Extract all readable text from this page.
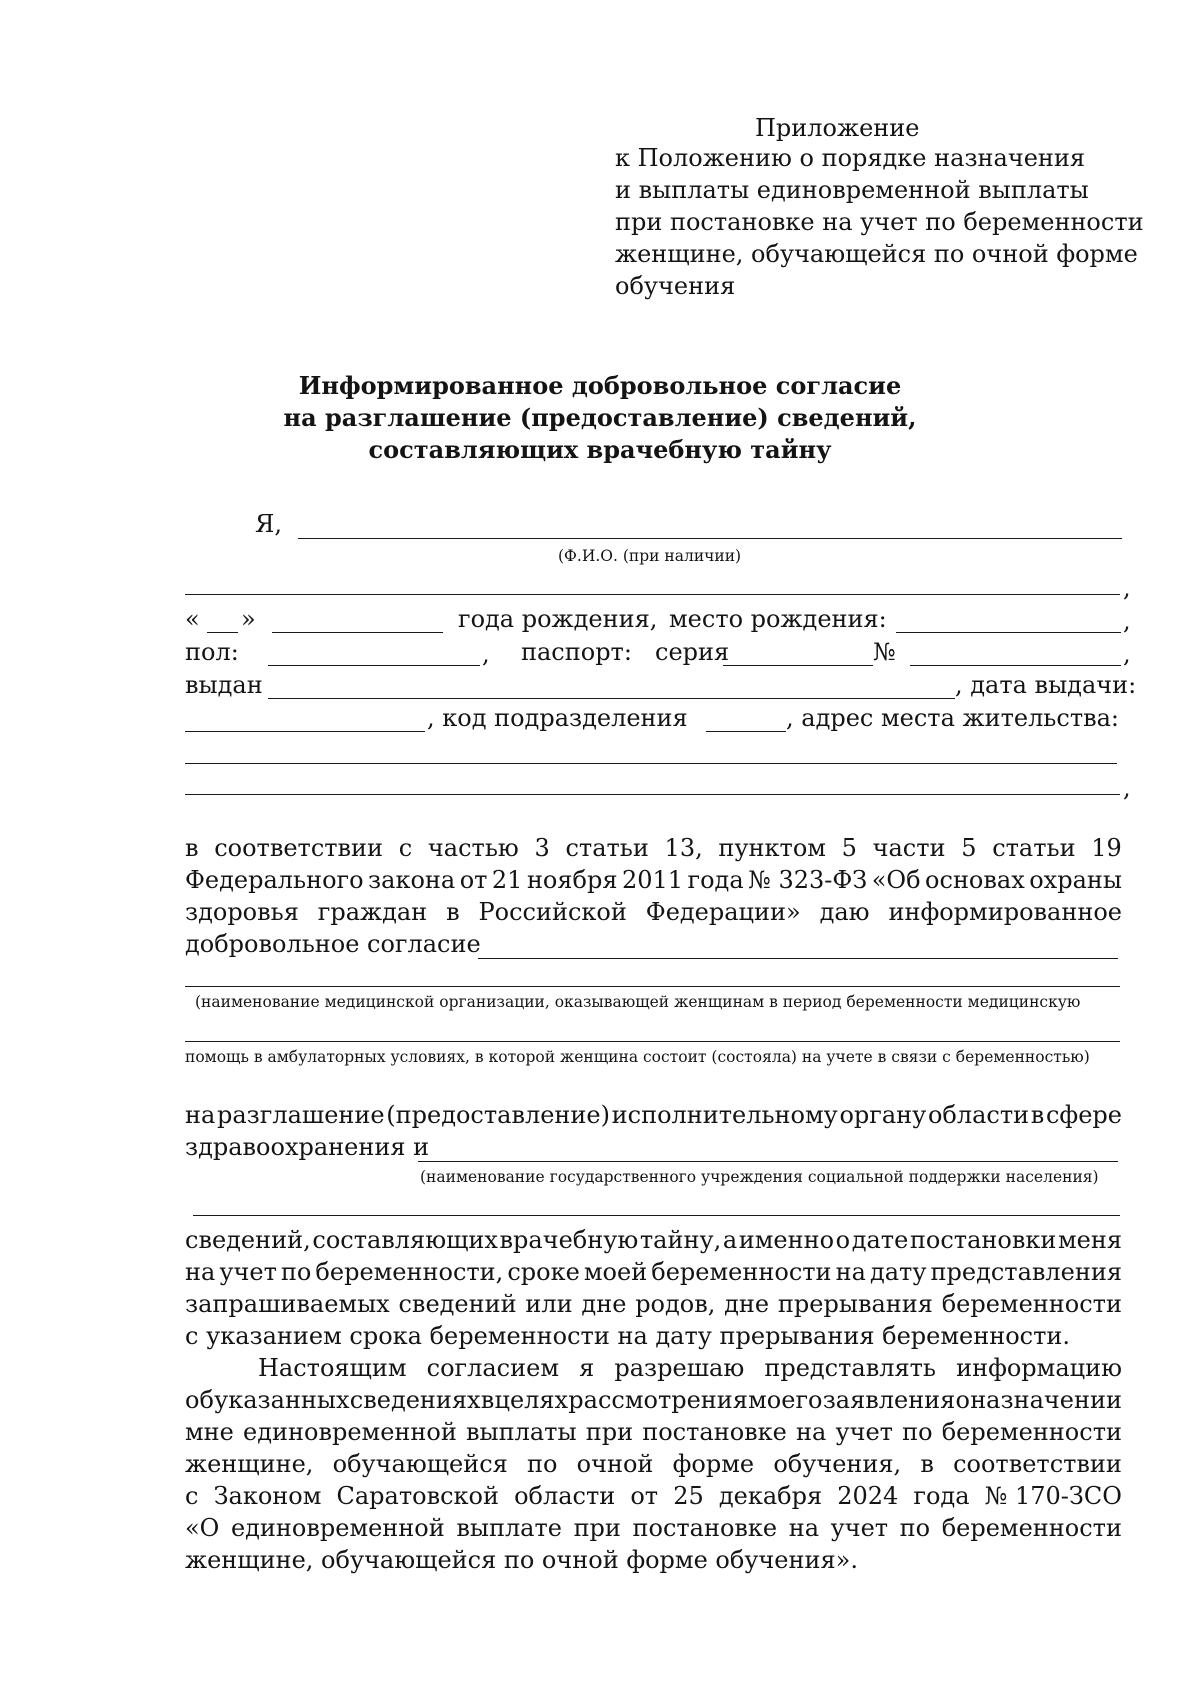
Приложение
к Положению о порядке назначения
и выплаты единовременной выплаты
при постановке на учет по беременности
женщине, обучающейся по очной форме
обучения
Информированное добровольное согласие
на разглашение (предоставление) сведений,
составляющих врачебную тайну
Я,
(Ф.И.О. (при наличии)
,
« »	года рождения, место рождения:	,
пол:	, паспорт: серия	№	,
выдан	, дата выдачи:
, код подразделения	, адрес места жительства:
,
в соответствии с частью 3 статьи 13, пунктом 5 части 5 статьи 19
Федерального закона от 21 ноября 2011 года № 323-ФЗ «Об основах охраны
здоровья граждан в Российской Федерации» даю информированное
добровольное согласие
(наименование медицинской организации, оказывающей женщинам в период беременности медицинскую
помощь в амбулаторных условиях, в которой женщина состоит (состояла) на учете в связи с беременностью)
на разглашение (предоставление) исполнительному органу области в сфере
здравоохранения и
(наименование государственного учреждения социальной поддержки населения)
сведений, составляющих врачебную тайну, а именно о дате постановки меня
на учет по беременности, сроке моей беременности на дату представления
запрашиваемых сведений или дне родов, дне прерывания беременности
с указанием срока беременности на дату прерывания беременности.
Настоящим согласием я разрешаю представлять информацию
об указанных сведениях в целях рассмотрения моего заявления о назначении
мне единовременной выплаты при постановке на учет по беременности
женщине, обучающейся по очной форме обучения, в соответствии
с Законом Саратовской области от 25 декабря 2024 года № 170-ЗСО
«О единовременной выплате при постановке на учет по беременности
женщине, обучающейся по очной форме обучения».
